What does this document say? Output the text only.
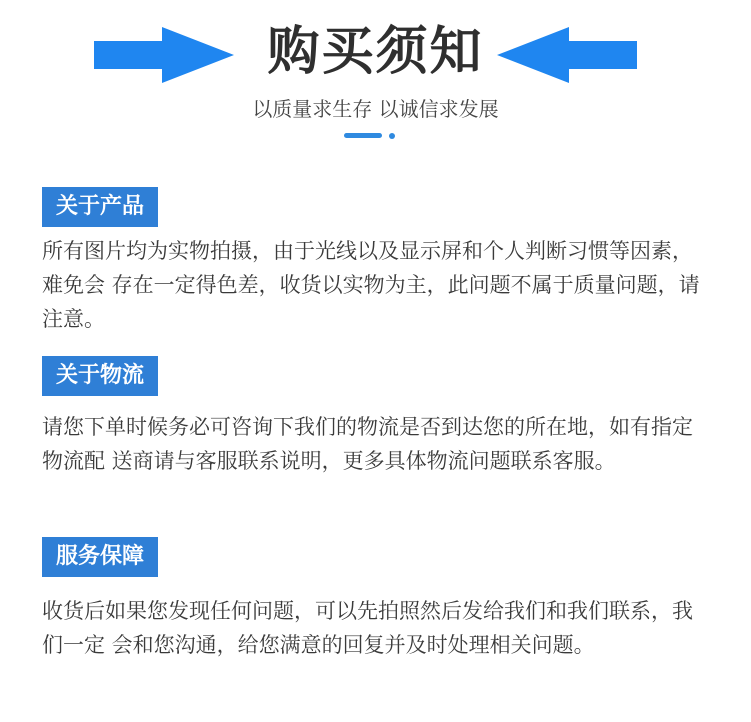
购买须知
以质量求生存 以诚信求发展
关于产品
所有图片均为实物拍摄，由于光线以及显示屏和个人判断习惯等因素，难免会 存在一定得色差，收货以实物为主，此问题不属于质量问题，请注意。
关于物流
请您下单时候务必可咨询下我们的物流是否到达您的所在地，如有指定物流配 送商请与客服联系说明，更多具体物流问题联系客服。
服务保障
收货后如果您发现任何问题，可以先拍照然后发给我们和我们联系，我们一定 会和您沟通，给您满意的回复并及时处理相关问题。
